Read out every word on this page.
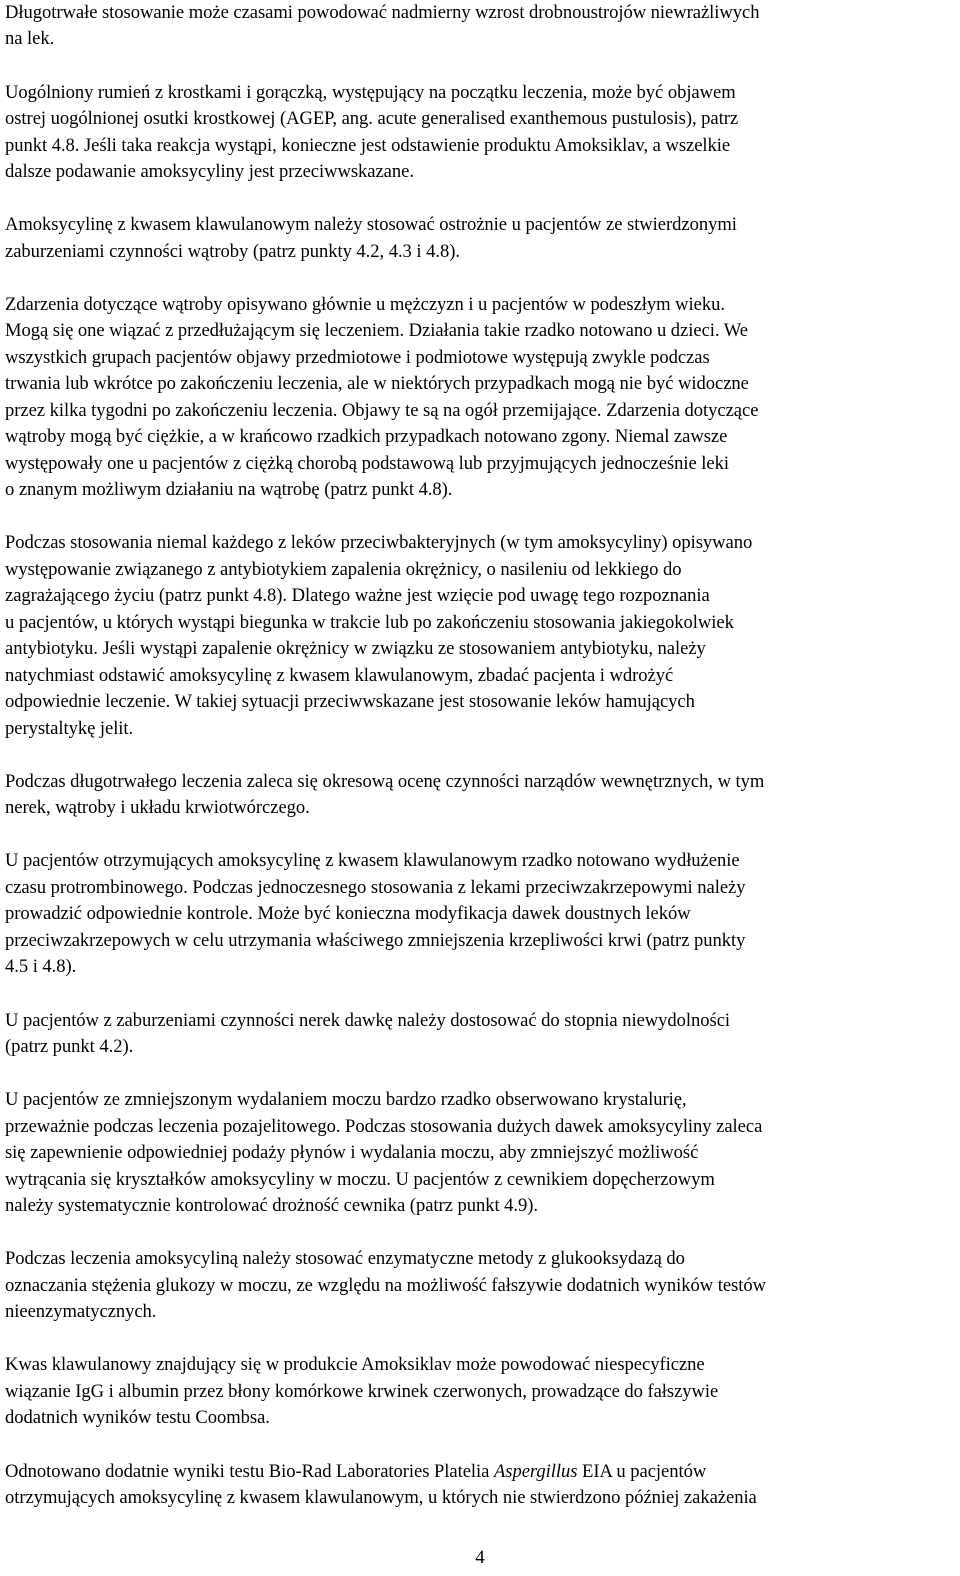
Długotrwałe stosowanie może czasami powodować nadmierny wzrost drobnoustrojów niewrażliwych
na lek.
Uogólniony rumień z krostkami i gorączką, występujący na początku leczenia, może być objawem
ostrej uogólnionej osutki krostkowej (AGEP, ang. acute generalised exanthemous pustulosis), patrz
punkt 4.8. Jeśli taka reakcja wystąpi, konieczne jest odstawienie produktu Amoksiklav, a wszelkie
dalsze podawanie amoksycyliny jest przeciwwskazane.
Amoksycylinę z kwasem klawulanowym należy stosować ostrożnie u pacjentów ze stwierdzonymi
zaburzeniami czynności wątroby (patrz punkty 4.2, 4.3 i 4.8).
Zdarzenia dotyczące wątroby opisywano głównie u mężczyzn i u pacjentów w podeszłym wieku.
Mogą się one wiązać z przedłużającym się leczeniem. Działania takie rzadko notowano u dzieci. We
wszystkich grupach pacjentów objawy przedmiotowe i podmiotowe występują zwykle podczas
trwania lub wkrótce po zakończeniu leczenia, ale w niektórych przypadkach mogą nie być widoczne
przez kilka tygodni po zakończeniu leczenia. Objawy te są na ogół przemijające. Zdarzenia dotyczące
wątroby mogą być ciężkie, a w krańcowo rzadkich przypadkach notowano zgony. Niemal zawsze
występowały one u pacjentów z ciężką chorobą podstawową lub przyjmujących jednocześnie leki
o znanym możliwym działaniu na wątrobę (patrz punkt 4.8).
Podczas stosowania niemal każdego z leków przeciwbakteryjnych (w tym amoksycyliny) opisywano
występowanie związanego z antybiotykiem zapalenia okrężnicy, o nasileniu od lekkiego do
zagrażającego życiu (patrz punkt 4.8). Dlatego ważne jest wzięcie pod uwagę tego rozpoznania
u pacjentów, u których wystąpi biegunka w trakcie lub po zakończeniu stosowania jakiegokolwiek
antybiotyku. Jeśli wystąpi zapalenie okrężnicy w związku ze stosowaniem antybiotyku, należy
natychmiast odstawić amoksycylinę z kwasem klawulanowym, zbadać pacjenta i wdrożyć
odpowiednie leczenie. W takiej sytuacji przeciwwskazane jest stosowanie leków hamujących
perystaltykę jelit.
Podczas długotrwałego leczenia zaleca się okresową ocenę czynności narządów wewnętrznych, w tym
nerek, wątroby i układu krwiotwórczego.
U pacjentów otrzymujących amoksycylinę z kwasem klawulanowym rzadko notowano wydłużenie
czasu protrombinowego. Podczas jednoczesnego stosowania z lekami przeciwzakrzepowymi należy
prowadzić odpowiednie kontrole. Może być konieczna modyfikacja dawek doustnych leków
przeciwzakrzepowych w celu utrzymania właściwego zmniejszenia krzepliwości krwi (patrz punkty
4.5 i 4.8).
U pacjentów z zaburzeniami czynności nerek dawkę należy dostosować do stopnia niewydolności
(patrz punkt 4.2).
U pacjentów ze zmniejszonym wydalaniem moczu bardzo rzadko obserwowano krystalurię,
przeważnie podczas leczenia pozajelitowego. Podczas stosowania dużych dawek amoksycyliny zaleca
się zapewnienie odpowiedniej podaży płynów i wydalania moczu, aby zmniejszyć możliwość
wytrącania się kryształków amoksycyliny w moczu. U pacjentów z cewnikiem dopęcherzowym
należy systematycznie kontrolować drożność cewnika (patrz punkt 4.9).
Podczas leczenia amoksycyliną należy stosować enzymatyczne metody z glukooksydazą do
oznaczania stężenia glukozy w moczu, ze względu na możliwość fałszywie dodatnich wyników testów
nieenzymatycznych.
Kwas klawulanowy znajdujący się w produkcie Amoksiklav może powodować niespecyficzne
wiązanie IgG i albumin przez błony komórkowe krwinek czerwonych, prowadzące do fałszywie
dodatnich wyników testu Coombsa.
Odnotowano dodatnie wyniki testu Bio-Rad Laboratories Platelia Aspergillus EIA u pacjentów
otrzymujących amoksycylinę z kwasem klawulanowym, u których nie stwierdzono później zakażenia
4
